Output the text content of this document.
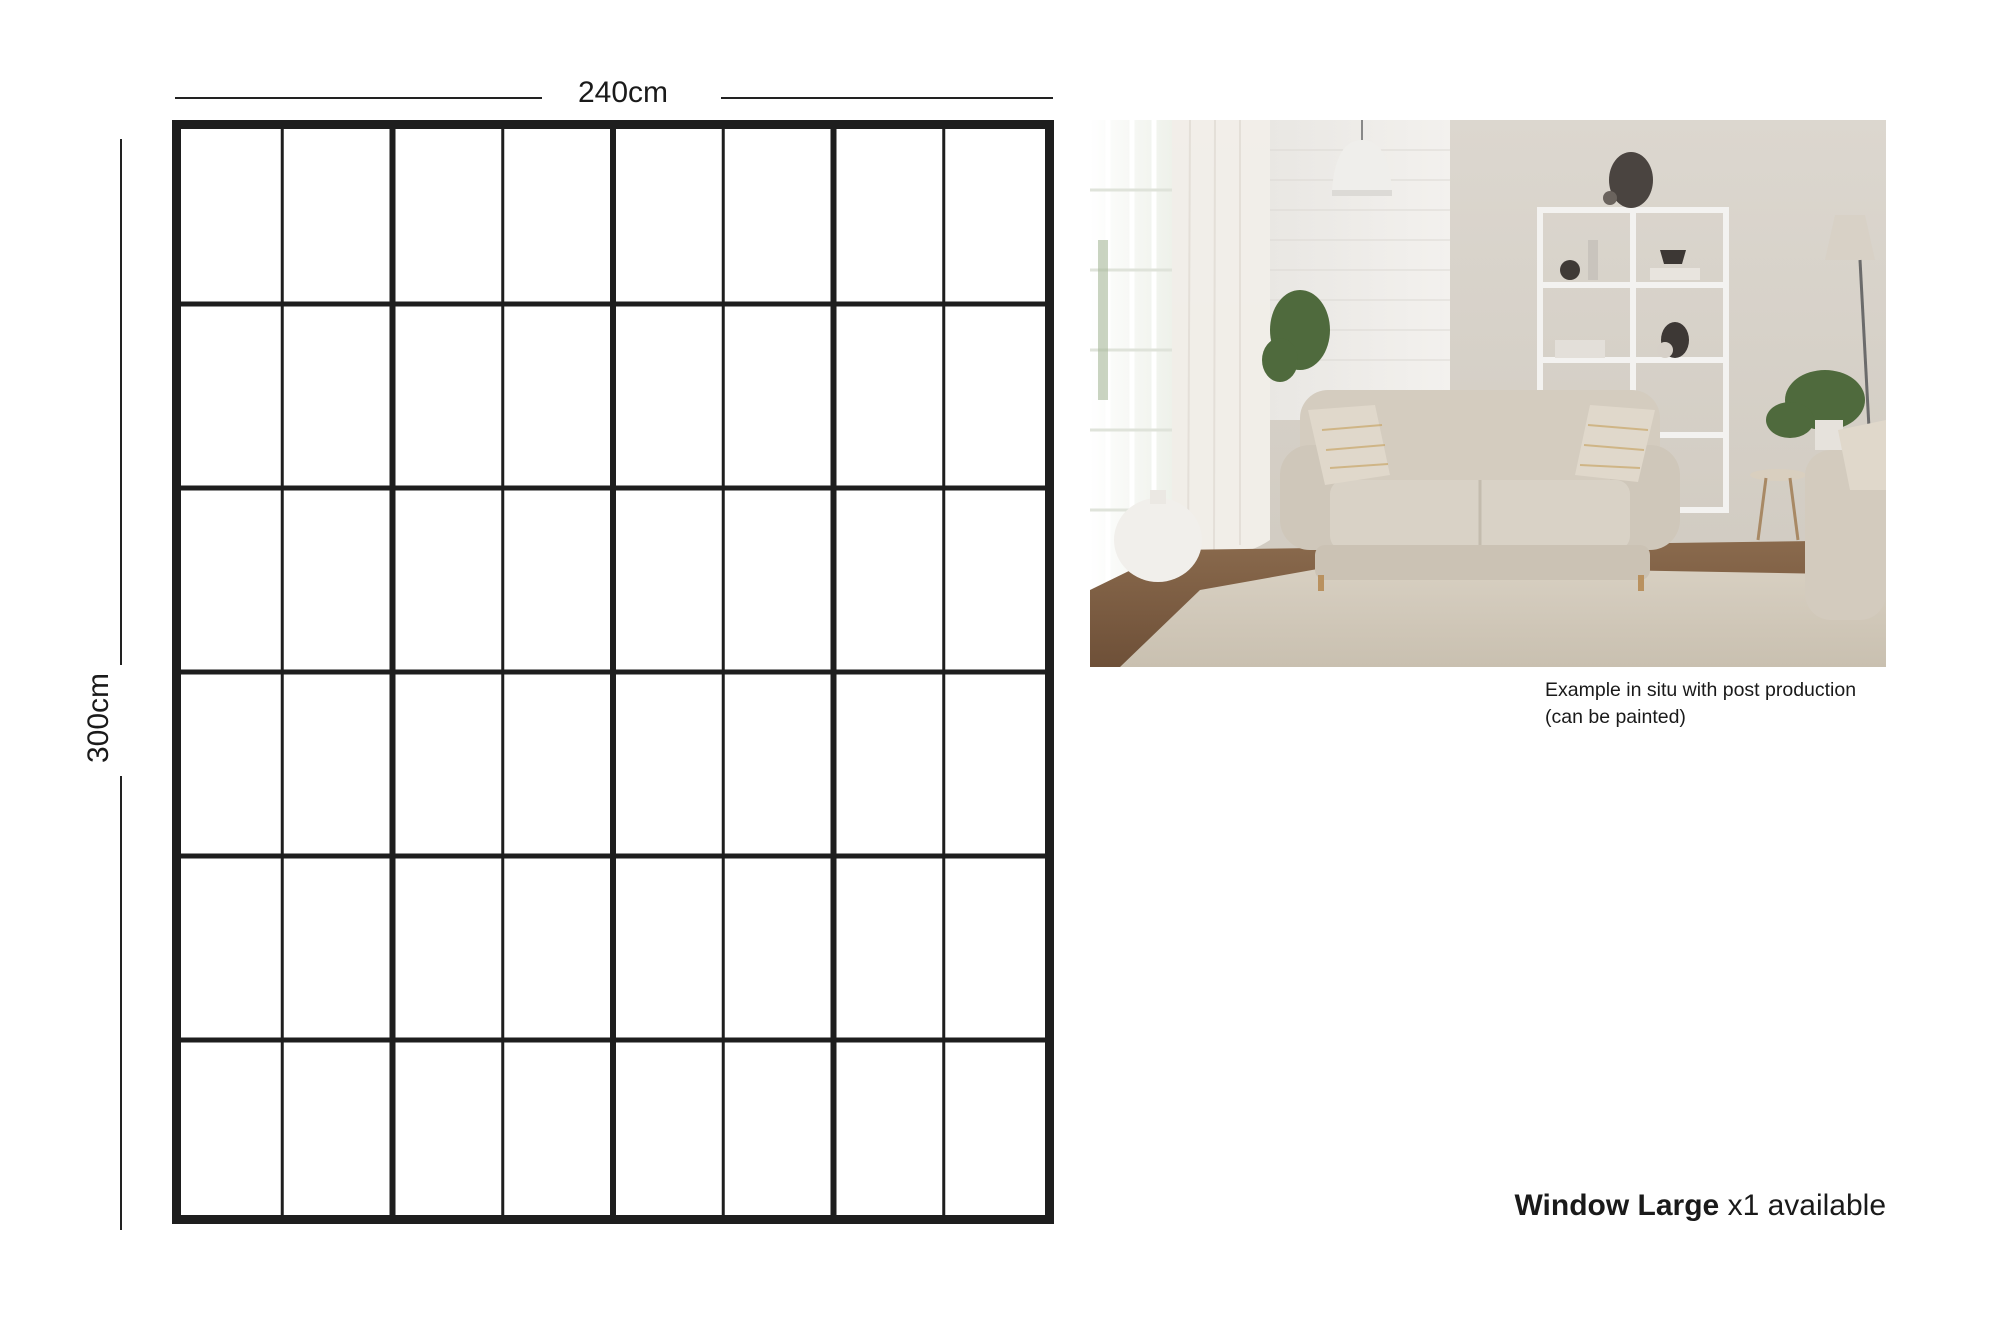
240cm
300cm	Example in situ with post production
(can be painted)
Window Large x1 available
